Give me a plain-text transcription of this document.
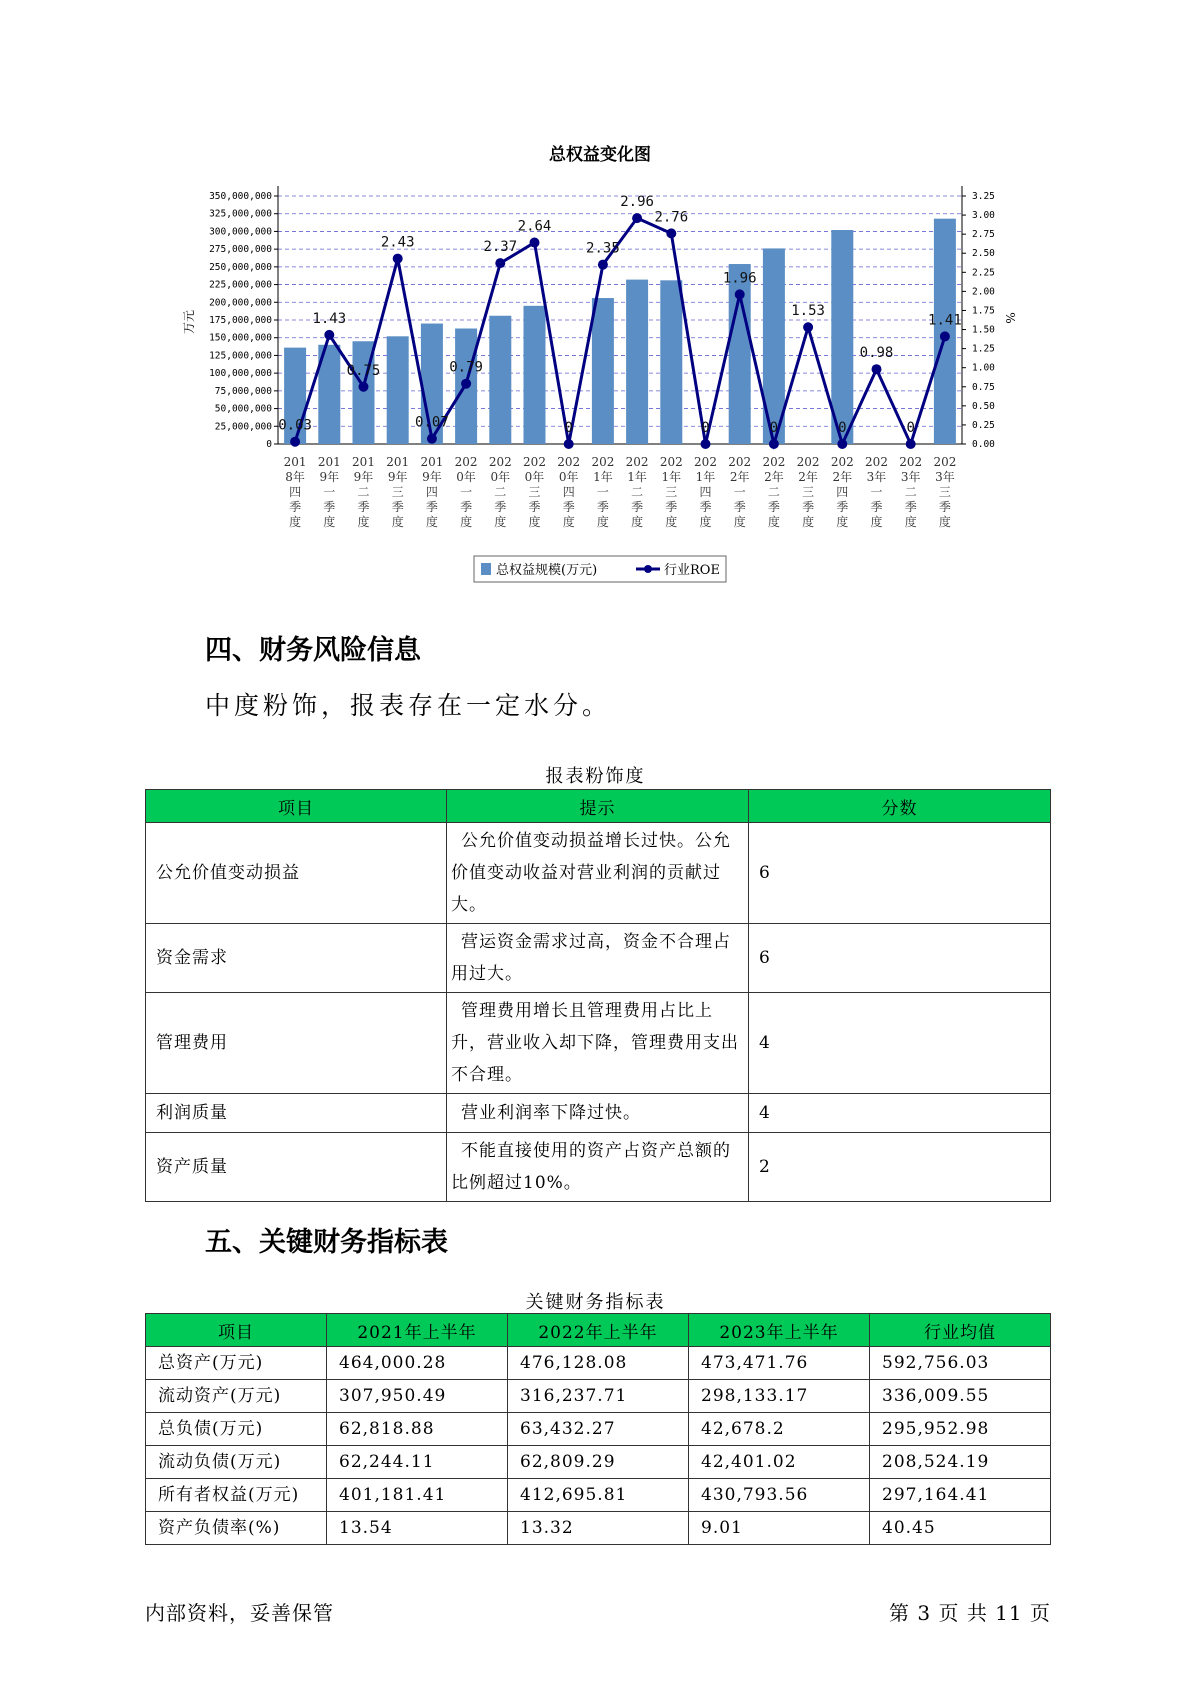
总权益变化图
350,000,000
325,000,000
300,000,000
275,000,000
250,000,000
225,000,000
200,000,000
175,000,000
150,000,000
125,000,000
100,000,000
75,000,000
50,000,000
25,000,000
0
3.25
3.00
2.75
2.50
2.25
2.00
1.75
1.50
1.25
1.00
0.75
0.50
0.25
0.00
万元	%
0.03
1.43
0.75
2.43
0.07
0.79
2.37
2.64
0
2.35
2.96
2.76
0
1.96
0
1.53
0
0.98
0
1.41
201 8年四季度
201 9年一季度
201 9年二季度
201 9年三季度
201 9年四季度
202 0年一季度
202 0年二季度
202 0年三季度
202 0年四季度
202 1年一季度
202 1年二季度
202 1年三季度
202 1年四季度
202 2年一季度
202 2年二季度
202 2年三季度
202 2年四季度
202 3年一季度
202 3年二季度
202 3年三季度
总权益规模(万元)	行业ROE
四、财务风险信息

中度粉饰，报表存在一定水分。

报表粉饰度
项目	提示	分数
公允价值变动损益	公允价值变动损益增长过快。公允价值变动收益对营业利润的贡献过大。	6
资金需求	营运资金需求过高，资金不合理占用过大。	6
管理费用	管理费用增长且管理费用占比上升，营业收入却下降，管理费用支出不合理。	4
利润质量	营业利润率下降过快。	4
资产质量	不能直接使用的资产占资产总额的比例超过10%。	2
五、关键财务指标表
关键财务指标表
项目	2021年上半年	2022年上半年	2023年上半年	行业均值
总资产(万元)	464,000.28	476,128.08	473,471.76	592,756.03
流动资产(万元)	307,950.49	316,237.71	298,133.17	336,009.55
总负债(万元)	62,818.88	63,432.27	42,678.2	295,952.98
流动负债(万元)	62,244.11	62,809.29	42,401.02	208,524.19
所有者权益(万元)	401,181.41	412,695.81	430,793.56	297,164.41
资产负债率(%)	13.54	13.32	9.01	40.45
内部资料，妥善保管	第 3 页 共 11 页
